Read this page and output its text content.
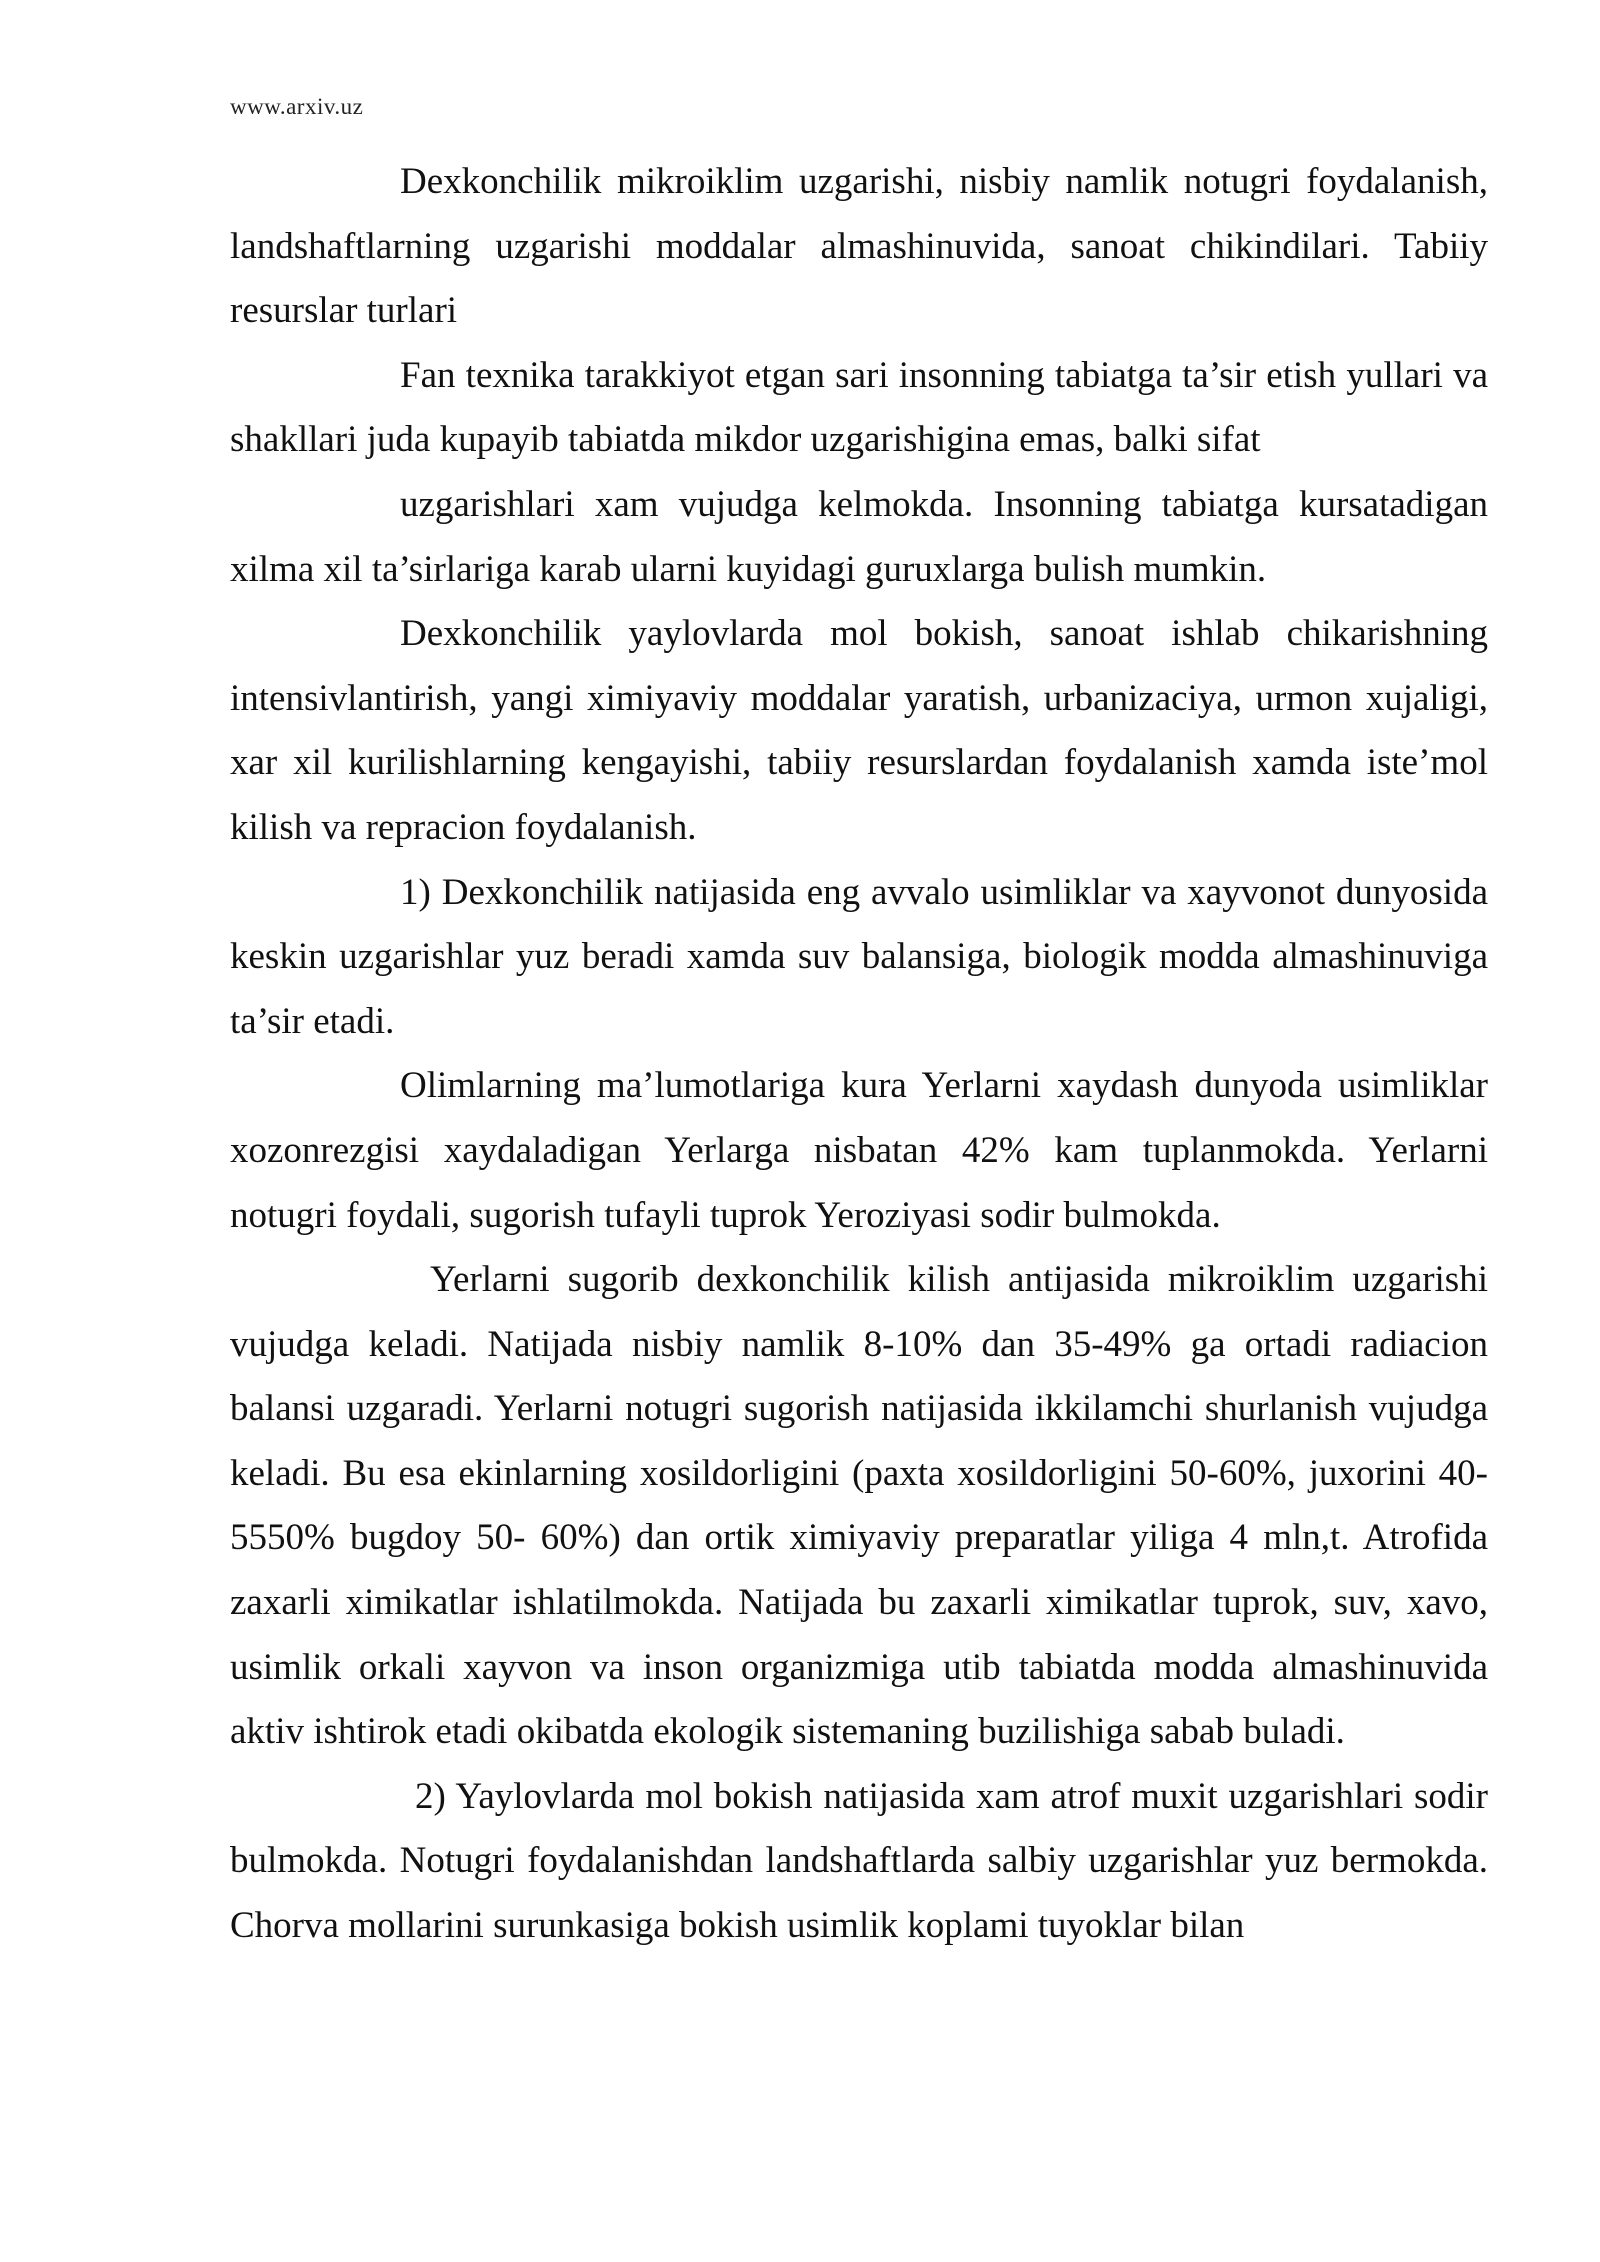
www.arxiv.uz

Dexkonchilik mikroiklim uzgarishi, nisbiy namlik notugri foydalanish, landshaftlarning uzgarishi moddalar almashinuvida, sanoat chikindilari. Tabiiy resurslar turlari

Fan texnika tarakkiyot etgan sari insonning tabiatga ta’sir etish yullari va shakllari juda kupayib tabiatda mikdor uzgarishigina emas, balki sifat

uzgarishlari xam vujudga kelmokda. Insonning tabiatga kursatadigan xilma xil ta’sirlariga karab ularni kuyidagi guruxlarga bulish mumkin.

Dexkonchilik yaylovlarda mol bokish, sanoat ishlab chikarishning intensivlantirish, yangi ximiyaviy moddalar yaratish, urbanizaciya, urmon xujaligi, xar xil kurilishlarning kengayishi, tabiiy resurslardan foydalanish xamda iste’mol kilish va repracion foydalanish.

1) Dexkonchilik natijasida eng avvalo usimliklar va xayvonot dunyosida keskin uzgarishlar yuz beradi xamda suv balansiga, biologik modda almashinuviga ta’sir etadi.

Olimlarning ma’lumotlariga kura Yerlarni xaydash dunyoda usimliklar xozonrezgisi xaydaladigan Yerlarga nisbatan 42% kam tuplanmokda. Yerlarni notugri foydali, sugorish tufayli tuprok Yeroziyasi sodir bulmokda.

Yerlarni sugorib dexkonchilik kilish antijasida mikroiklim uzgarishi vujudga keladi. Natijada nisbiy namlik 8-10% dan 35-49% ga ortadi radiacion balansi uzgaradi. Yerlarni notugri sugorish natijasida ikkilamchi shurlanish vujudga keladi. Bu esa ekinlarning xosildorligini (paxta xosildorligini 50-60%, juxorini 40-5550% bugdoy 50- 60%) dan ortik ximiyaviy preparatlar yiliga 4 mln,t. Atrofida zaxarli ximikatlar ishlatilmokda. Natijada bu zaxarli ximikatlar tuprok, suv, xavo, usimlik orkali xayvon va inson organizmiga utib tabiatda modda almashinuvida aktiv ishtirok etadi okibatda ekologik sistemaning buzilishiga sabab buladi.

2) Yaylovlarda mol bokish natijasida xam atrof muxit uzgarishlari sodir bulmokda. Notugri foydalanishdan landshaftlarda salbiy uzgarishlar yuz bermokda. Chorva mollarini surunkasiga bokish usimlik koplami tuyoklar bilan
